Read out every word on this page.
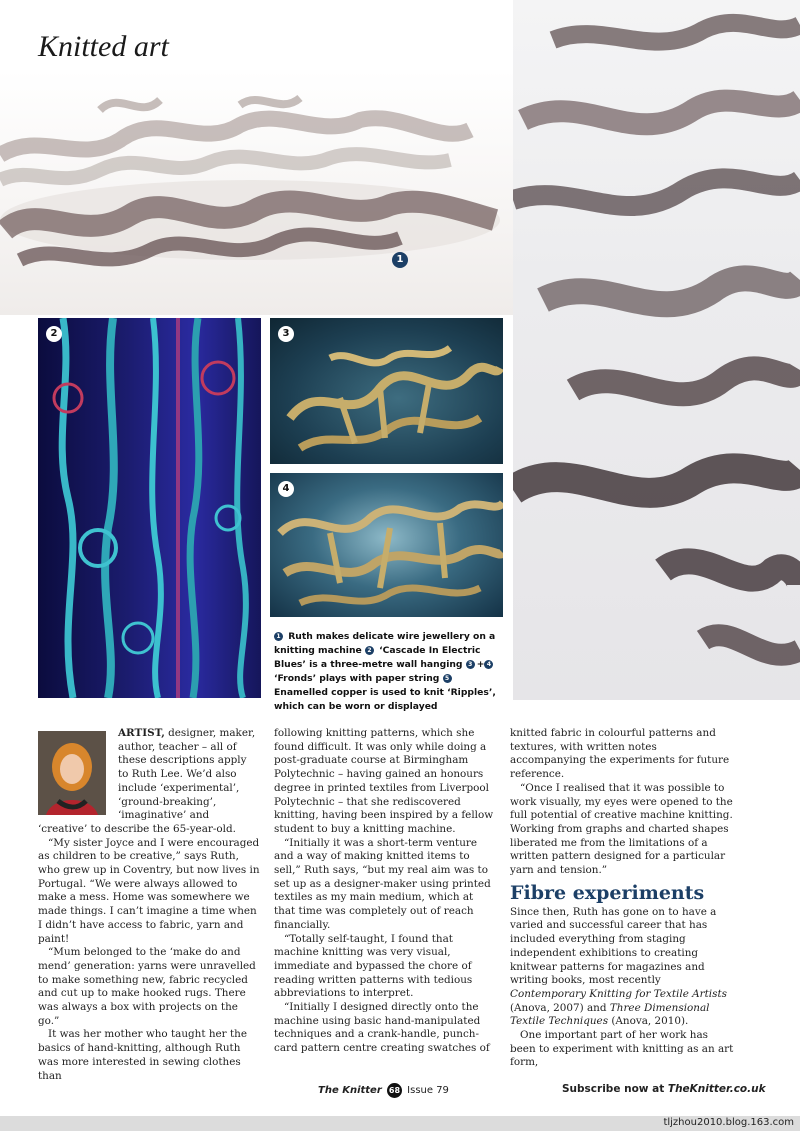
Knitted art
1
2	3
4
1 Ruth makes delicate wire jewellery on a knitting machine 2 ‘Cascade In Electric Blues’ is a three-metre wall hanging 3 + 4 ‘Fronds’ plays with paper string 5 Enamelled copper is used to knit ‘Ripples’, which can be worn or displayed

ARTIST, designer, maker, author, teacher – all of these descriptions apply to Ruth Lee. We’d also include ‘experimental’, ‘ground-breaking’, ‘imaginative’ and ‘creative’ to describe the 65-year-old.

“My sister Joyce and I were encouraged as children to be creative,” says Ruth, who grew up in Coventry, but now lives in Portugal. “We were always allowed to make a mess. Home was somewhere we made things. I can’t imagine a time when I didn’t have access to fabric, yarn and paint!

“Mum belonged to the ‘make do and mend’ generation: yarns were unravelled to make something new, fabric recycled and cut up to make hooked rugs. There was always a box with projects on the go.”

It was her mother who taught her the basics of hand-knitting, although Ruth was more interested in sewing clothes than

following knitting patterns, which she found difficult. It was only while doing a post-graduate course at Birmingham Polytechnic – having gained an honours degree in printed textiles from Liverpool Polytechnic – that she rediscovered knitting, having been inspired by a fellow student to buy a knitting machine.

“Initially it was a short-term venture and a way of making knitted items to sell,” Ruth says, “but my real aim was to set up as a designer-maker using printed textiles as my main medium, which at that time was completely out of reach financially.

“Totally self-taught, I found that machine knitting was very visual, immediate and bypassed the chore of reading written patterns with tedious abbreviations to interpret.

“Initially I designed directly onto the machine using basic hand-manipulated techniques and a crank-handle, punch-card pattern centre creating swatches of

knitted fabric in colourful patterns and textures, with written notes accompanying the experiments for future reference.

“Once I realised that it was possible to work visually, my eyes were opened to the full potential of creative machine knitting. Working from graphs and charted shapes liberated me from the limitations of a written pattern designed for a particular yarn and tension.”

Fibre experiments

Since then, Ruth has gone on to have a varied and successful career that has included everything from staging independent exhibitions to creating knitwear patterns for magazines and writing books, most recently Contemporary Knitting for Textile Artists (Anova, 2007) and Three Dimensional Textile Techniques (Anova, 2010).

One important part of her work has been to experiment with knitting as an art form,

The Knitter 68 Issue 79	Subscribe now at TheKnitter.co.uk
tljzhou2010.blog.163.com
